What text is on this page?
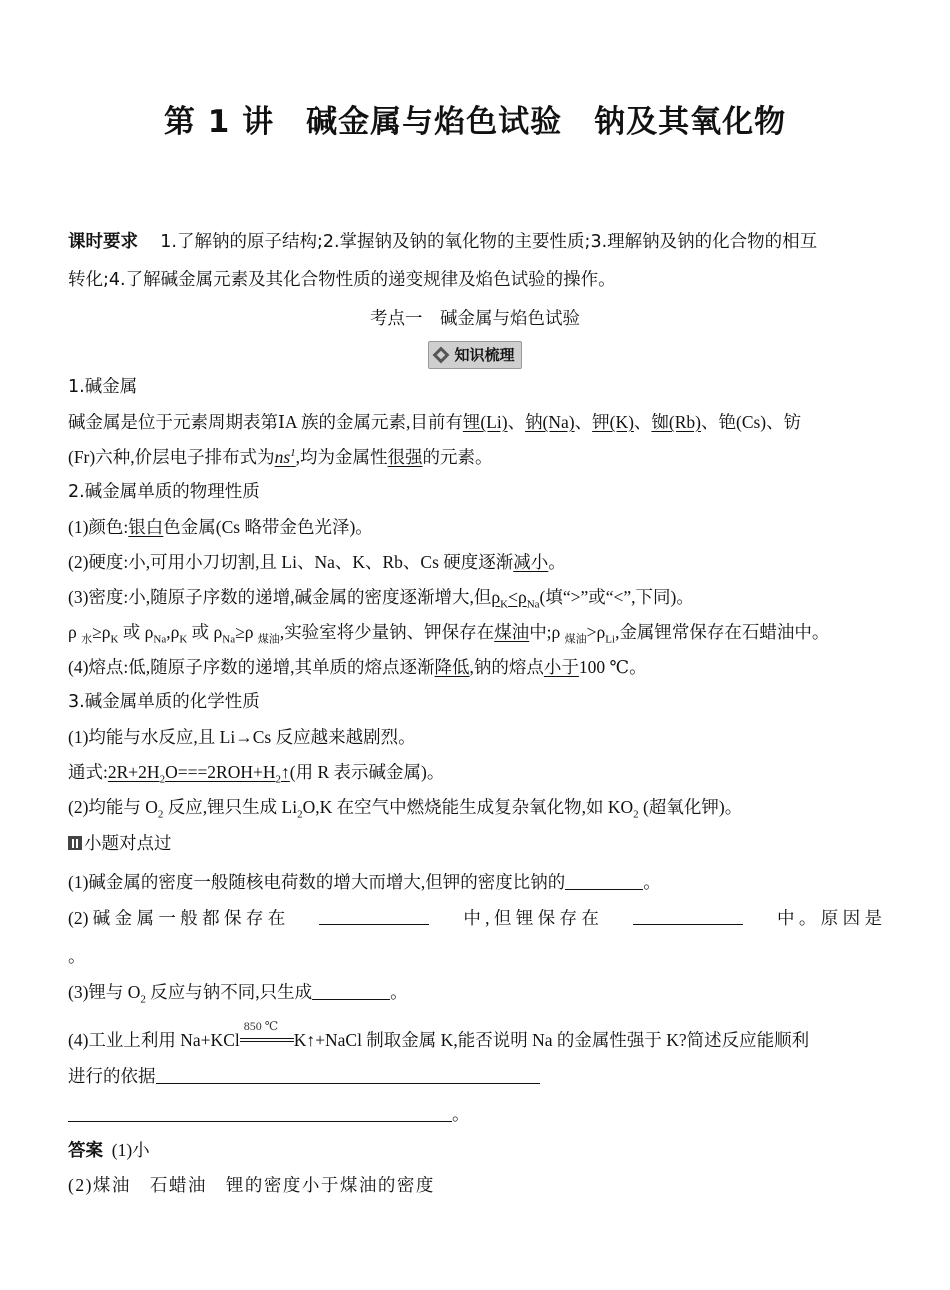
第 1 讲　碱金属与焰色试验　钠及其氧化物
课时要求 1.了解钠的原子结构;2.掌握钠及钠的氧化物的主要性质;3.理解钠及钠的化合物的相互
转化;4.了解碱金属元素及其化合物性质的递变规律及焰色试验的操作。
考点一　碱金属与焰色试验
知识梳理
1.碱金属
碱金属是位于元素周期表第ⅠA 族的金属元素,目前有锂(Li)、钠(Na)、钾(K)、铷(Rb)、铯(Cs)、钫
(Fr)六种,价层电子排布式为$ns^1$,均为金属性很强的元素。
2.碱金属单质的物理性质
(1)颜色:银白色金属(Cs 略带金色光泽)。
(2)硬度:小,可用小刀切割,且 Li、Na、K、Rb、Cs 硬度逐渐减小。
(3)密度:小,随原子序数的递增,碱金属的密度逐渐增大,但$\rho_K<\rho_{Na}$(填“>”或“<”,下同)。
ρ $_水\ge\rho_K$ 或 $\rho_{Na},\rho_K$ 或 $\rho_{Na}\ge\rho$ $_{煤油}$,实验室将少量钠、钾保存在煤油中;ρ $_{煤油}>\rho_{Li}$,金属锂常保存在石蜡油中。
(4)熔点:低,随原子序数的递增,其单质的熔点逐渐降低,钠的熔点小于100 ℃。
3.碱金属单质的化学性质
(1)均能与水反应,且 Li→Cs 反应越来越剧烈。
通式$:2R+2H_2O===2ROH+H_2↑$(用 R 表示碱金属)。
(2)均能与 $O_2$ 反应,锂只生成 $Li_2O,K$ 在空气中燃烧能生成复杂氧化物,如 $KO_2$ (超氧化钾)。
小题对点过
(1)碱金属的密度一般随核电荷数的增大而增大,但钾的密度比钠的	。
(2) 碱 金 属 一 般 都 保 存 在	中 , 但 锂 保 存 在	中 。 原 因 是
。
(3)锂与 $O_2$ 反应与钠不同,只生成	。
(4)工业上利用 Na+KCl
850 ℃
K↑+NaCl 制取金属 K,能否说明 Na 的金属性强于 K?简述反应能顺利
进行的依据
。
答案 (1)小
(2)煤油　石蜡油　锂的密度小于煤油的密度
